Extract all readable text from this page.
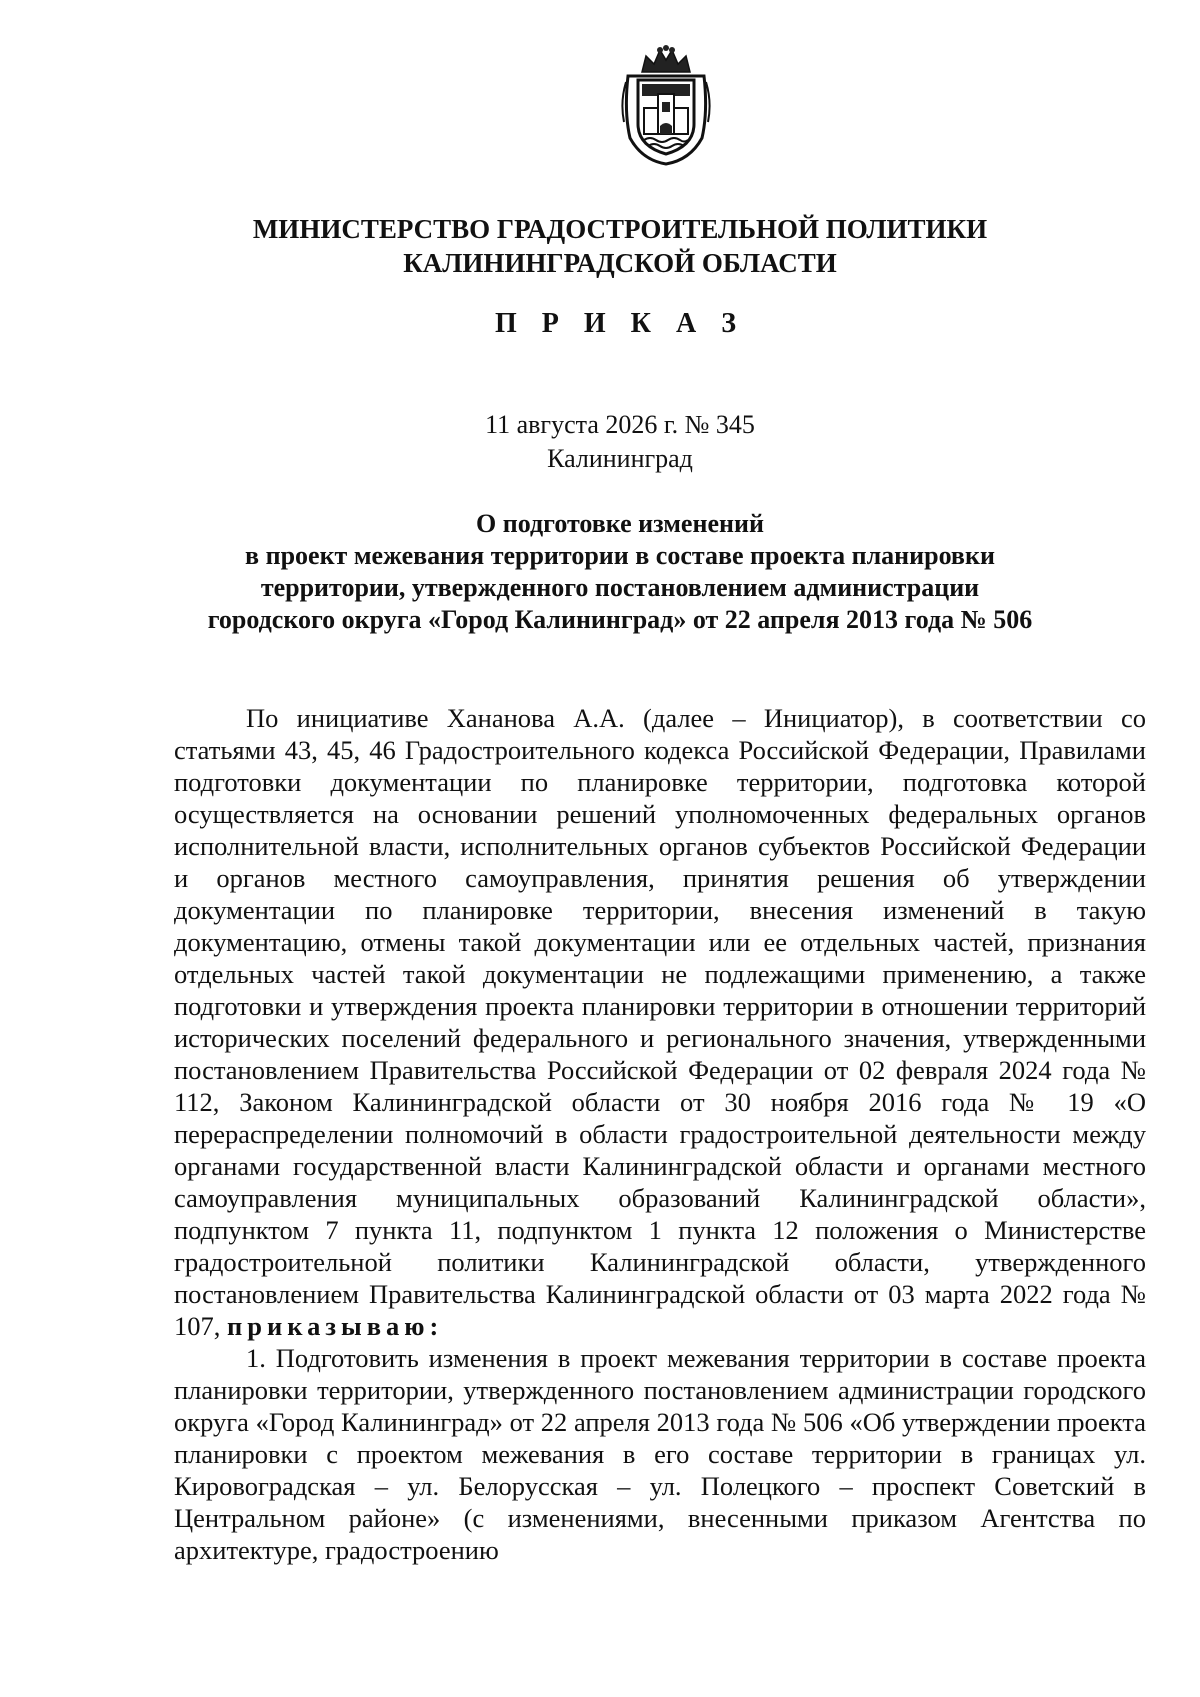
МИНИСТЕРСТВО ГРАДОСТРОИТЕЛЬНОЙ ПОЛИТИКИ
КАЛИНИНГРАДСКОЙ ОБЛАСТИ
П Р И К А З
11 августа 2026 г. № 345
Калининград
О подготовке изменений
в проект межевания территории в составе проекта планировки
территории, утвержденного постановлением администрации
городского округа «Город Калининград» от 22 апреля 2013 года № 506

По инициативе Хананова А.А. (далее – Инициатор), в соответствии со статьями 43, 45, 46 Градостроительного кодекса Российской Федерации, Правилами подготовки документации по планировке территории, подготовка которой осуществляется на основании решений уполномоченных федеральных органов исполнительной власти, исполнительных органов субъектов Российской Федерации и органов местного самоуправления, принятия решения об утверждении документации по планировке территории, внесения изменений в такую документацию, отмены такой документации или ее отдельных частей, признания отдельных частей такой документации не подлежащими применению, а также подготовки и утверждения проекта планировки территории в отношении территорий исторических поселений федерального и регионального значения, утвержденными постановлением Правительства Российской Федерации от 02 февраля 2024 года № 112, Законом Калининградской области от 30 ноября 2016 года № 19 «О перераспределении полномочий в области градостроительной деятельности между органами государственной власти Калининградской области и органами местного самоуправления муниципальных образований Калининградской области», подпунктом 7 пункта 11, подпунктом 1 пункта 12 положения о Министерстве градостроительной политики Калининградской области, утвержденного постановлением Правительства Калининградской области от 03 марта 2022 года № 107, приказываю:

1. Подготовить изменения в проект межевания территории в составе проекта планировки территории, утвержденного постановлением администрации городского округа «Город Калининград» от 22 апреля 2013 года № 506 «Об утверждении проекта планировки с проектом межевания в его составе территории в границах ул. Кировоградская – ул. Белорусская – ул. Полецкого – проспект Советский в Центральном районе» (с изменениями, внесенными приказом Агентства по архитектуре, градостроению
